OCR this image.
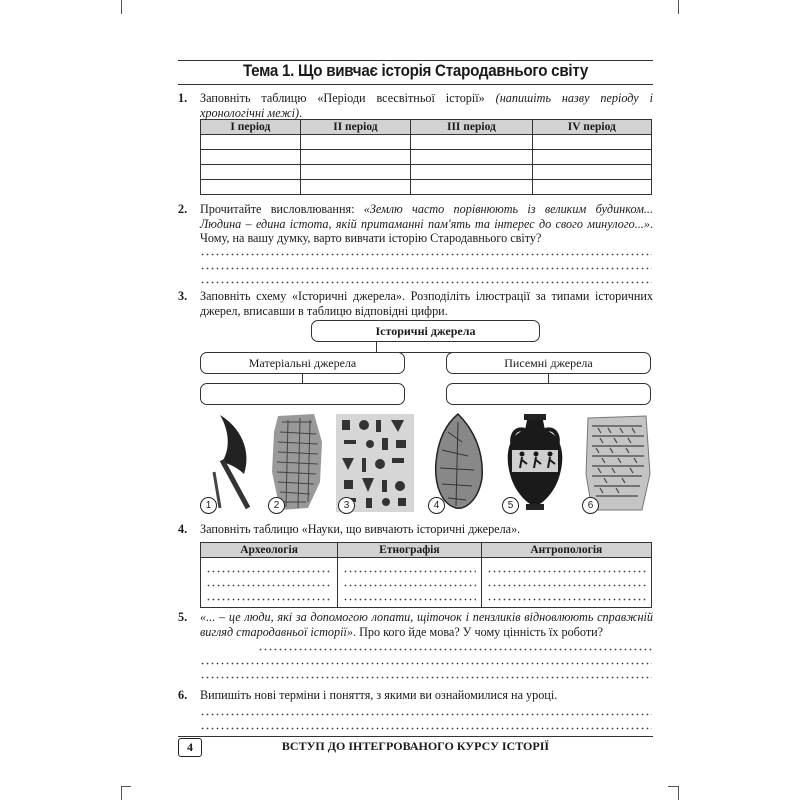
Тема 1. Що вивчає історія Стародавнього світу
1. Заповніть таблицю «Періоди всесвітньої історії» (напишіть назву періоду і хронологічні межі).
I період	II період	III період	IV період

2. Прочитайте висловлювання: «Землю часто порівнюють із великим будинком... Людина – едина істота, якій притаманні пам'ять та інтерес до свого минулого...». Чому, на вашу думку, варто вивчати історію Стародавнього світу?
3. Заповніть схему «Історичні джерела». Розподіліть ілюстрації за типами історичних джерел, вписавши в таблицю відповідні цифри.
Історичні джерела
Матеріальні джерела	Писемні джерела
1	2	3	4	5	6
4. Заповніть таблицю «Науки, що вивчають історичні джерела».
Археологія	Етнографія	Антропологія

5. «... – це люди, які за допомогою лопати, щіточок і пензликів відновлюють справжній вигляд стародавньої історії». Про кого йде мова? У чому цінність їх роботи?
6. Випишіть нові терміни і поняття, з якими ви ознайомилися на уроці.
4	ВСТУП ДО ІНТЕГРОВАНОГО КУРСУ ІСТОРІЇ
